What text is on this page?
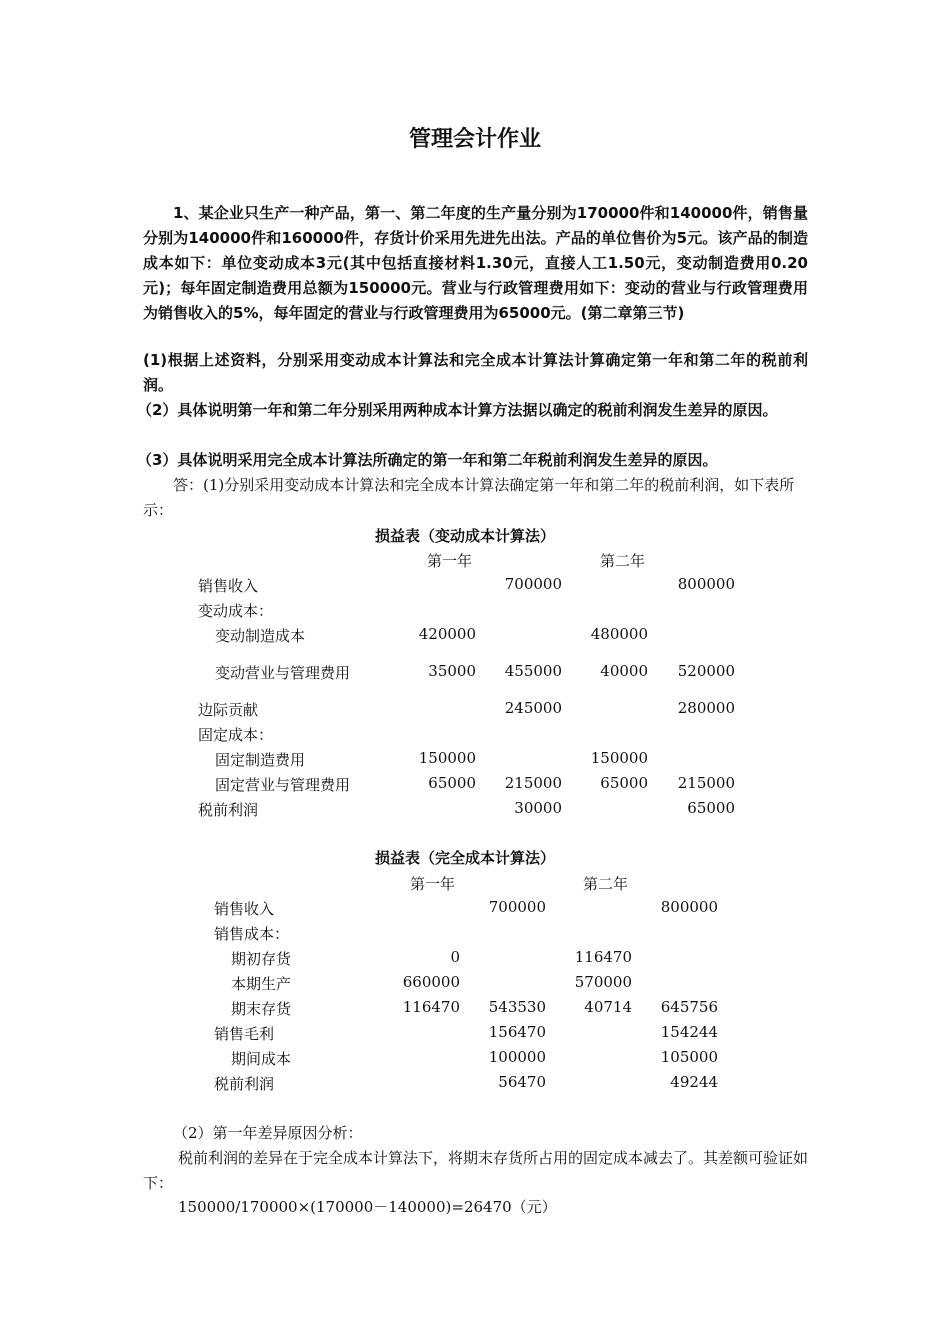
管理会计作业
1、某企业只生产一种产品，第一、第二年度的生产量分别为170000件和140000件，销售量分别为140000件和160000件，存货计价采用先进先出法。产品的单位售价为5元。该产品的制造成本如下：单位变动成本3元(其中包括直接材料1.30元，直接人工1.50元，变动制造费用0.20元)；每年固定制造费用总额为150000元。营业与行政管理费用如下：变动的营业与行政管理费用为销售收入的5%，每年固定的营业与行政管理费用为65000元。(第二章第三节)
(1)根据上述资料，分别采用变动成本计算法和完全成本计算法计算确定第一年和第二年的税前利润。
（2）具体说明第一年和第二年分别采用两种成本计算方法据以确定的税前利润发生差异的原因。
（3）具体说明采用完全成本计算法所确定的第一年和第二年税前利润发生差异的原因。
答：(1)分别采用变动成本计算法和完全成本计算法确定第一年和第二年的税前利润，如下表所示：
损益表（变动成本计算法）
第一年	第二年
销售收入	700000	800000
变动成本：
变动制造成本	420000	480000
变动营业与管理费用	35000	455000	40000	520000
边际贡献	245000	280000
固定成本：
固定制造费用	150000	150000
固定营业与管理费用	65000	215000	65000	215000
税前利润	30000	65000
损益表（完全成本计算法）
第一年	第二年
销售收入	700000	800000
销售成本：
期初存货	0	116470
本期生产	660000	570000
期末存货	116470	543530	40714	645756
销售毛利	156470	154244
期间成本	100000	105000
税前利润	56470	49244
（2）第一年差异原因分析：
税前利润的差异在于完全成本计算法下，将期末存货所占用的固定成本减去了。其差额可验证如下：
150000/170000×(170000－140000)=26470（元）
